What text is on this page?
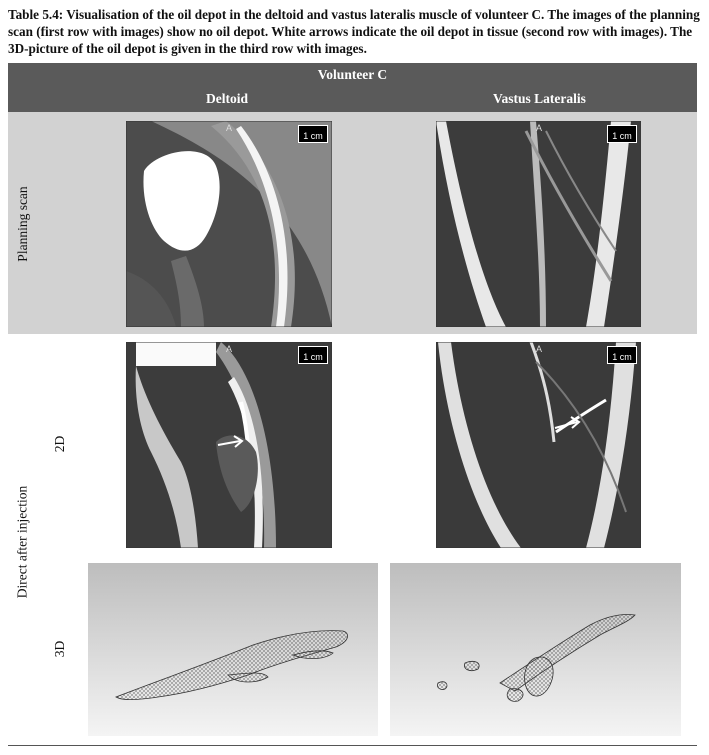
Table 5.4: Visualisation of the oil depot in the deltoid and vastus lateralis muscle of volunteer C. The images of the planning scan (first row with images) show no oil depot. White arrows indicate the oil depot in tissue (second row with images). The 3D-picture of the oil depot is given in the third row with images.
Volunteer C
Deltoid	Vastus Lateralis
Planning scan
Direct after injection
2D
3D
A
1 cm
A
1 cm
A
1 cm
A
1 cm
